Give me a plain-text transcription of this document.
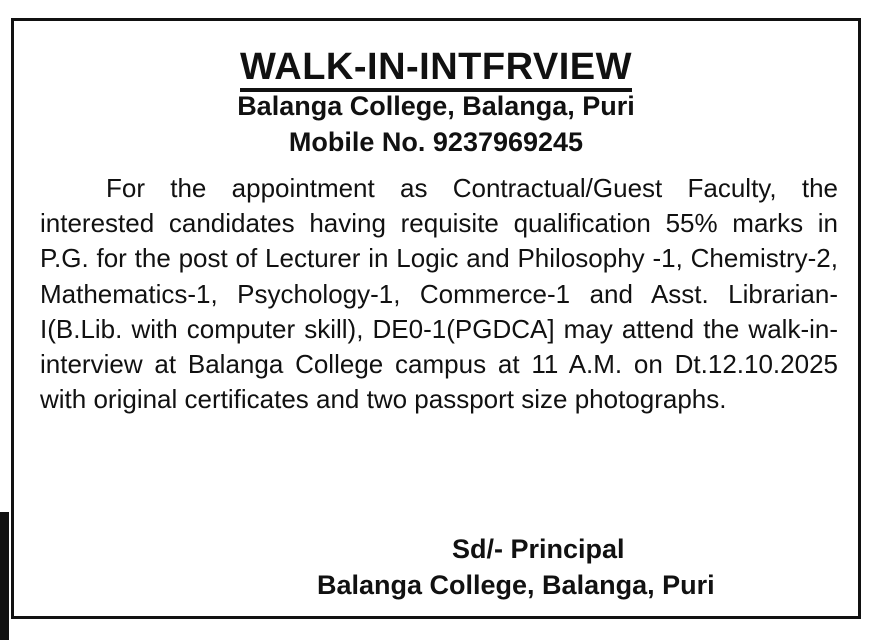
WALK-IN-INTFRVIEW
Balanga College, Balanga, Puri
Mobile No. 9237969245
For the appointment as Contractual/Guest Faculty, the interested candidates having requisite qualification 55% marks in P.G. for the post of Lecturer in Logic and Philosophy -1, Chemistry-2, Mathematics-1, Psychology-1, Commerce-1 and Asst. Librarian-I(B.Lib. with computer skill), DE0-1(PGDCA] may attend the walk-in-interview at Balanga College campus at 11 A.M. on Dt.12.10.2025 with original certificates and two passport size photographs.
Sd/- Principal
Balanga College, Balanga, Puri
